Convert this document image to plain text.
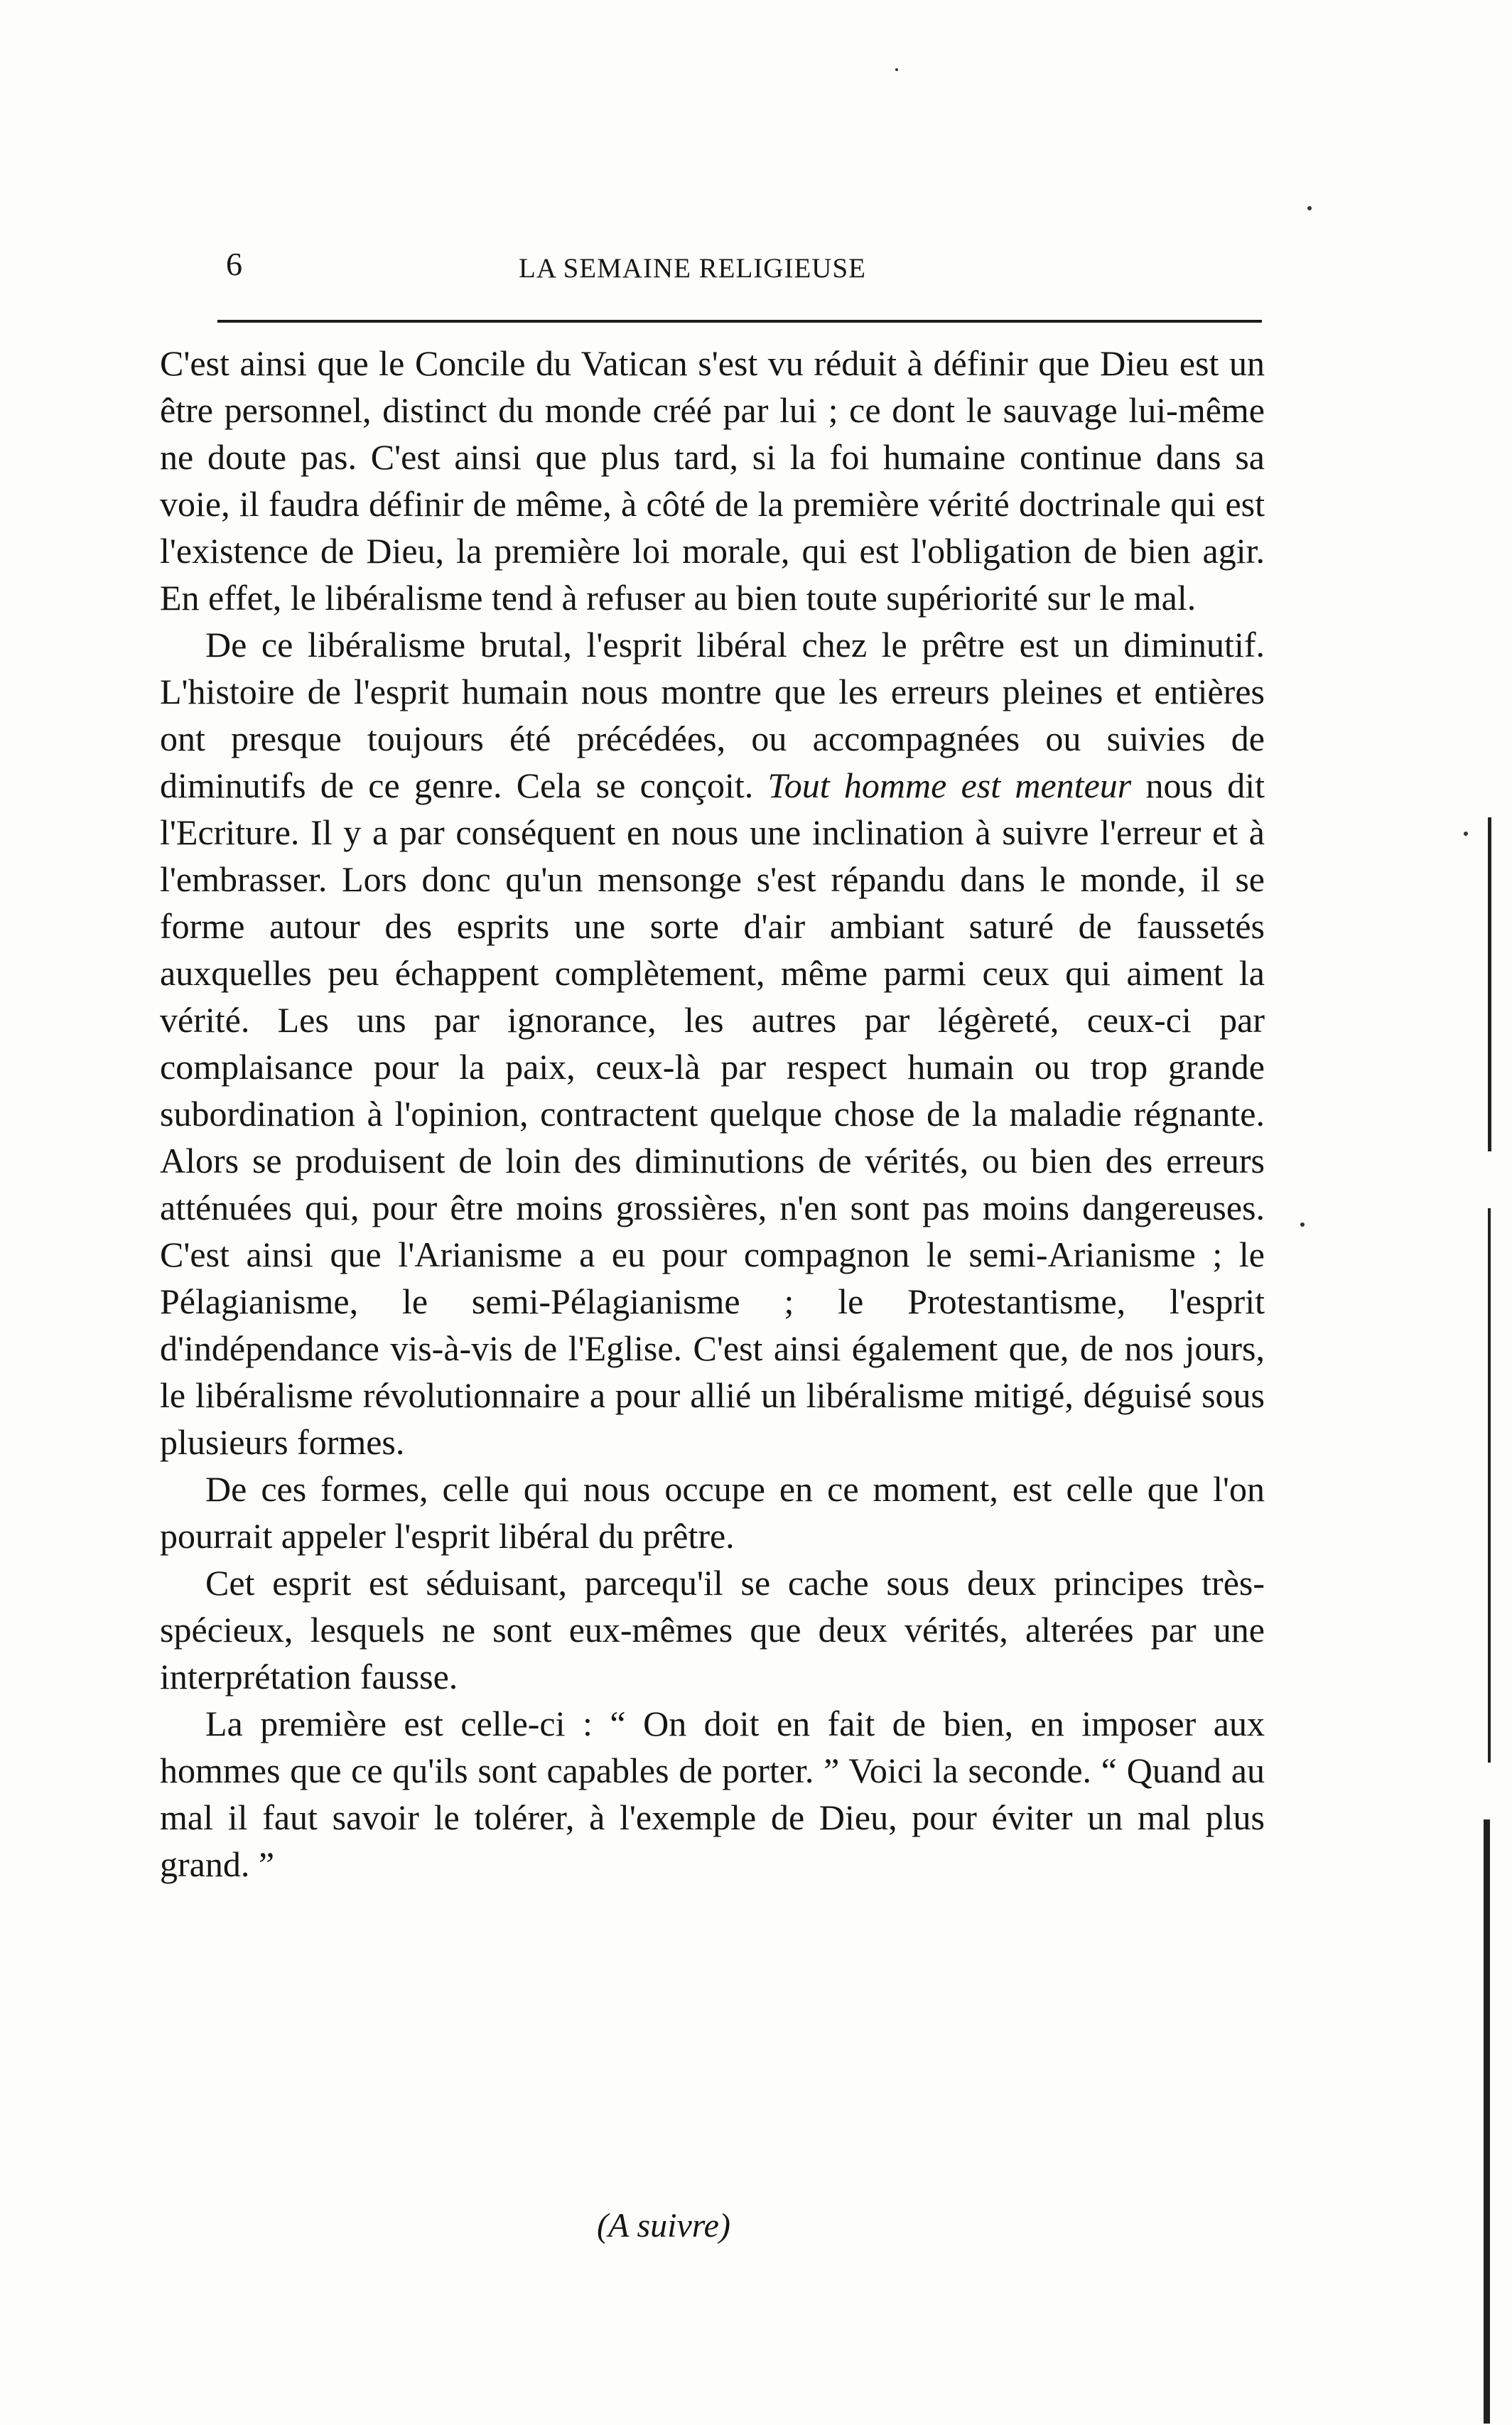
6	LA SEMAINE RELIGIEUSE

C'est ainsi que le Concile du Vatican s'est vu réduit à définir que Dieu est un être personnel, distinct du monde créé par lui ; ce dont le sauvage lui-même ne doute pas. C'est ainsi que plus tard, si la foi humaine continue dans sa voie, il faudra définir de même, à côté de la première vérité doctrinale qui est l'existence de Dieu, la première loi morale, qui est l'obligation de bien agir. En effet, le libéralisme tend à refuser au bien toute supériorité sur le mal.

De ce libéralisme brutal, l'esprit libéral chez le prêtre est un diminutif. L'histoire de l'esprit humain nous montre que les erreurs pleines et entières ont presque toujours été précédées, ou accompagnées ou suivies de diminutifs de ce genre. Cela se conçoit. Tout homme est menteur nous dit l'Ecriture. Il y a par conséquent en nous une inclination à suivre l'erreur et à l'embrasser. Lors donc qu'un mensonge s'est répandu dans le monde, il se forme autour des esprits une sorte d'air ambiant saturé de faussetés auxquelles peu échappent complètement, même parmi ceux qui aiment la vérité. Les uns par ignorance, les autres par légèreté, ceux-ci par complaisance pour la paix, ceux-là par respect humain ou trop grande subordination à l'opinion, contractent quelque chose de la maladie régnante. Alors se produisent de loin des diminutions de vérités, ou bien des erreurs atténuées qui, pour être moins grossières, n'en sont pas moins dangereuses. C'est ainsi que l'Arianisme a eu pour compagnon le semi-Arianisme ; le Pélagianisme, le semi-Pélagianisme ; le Protestantisme, l'esprit d'indépendance vis-à-vis de l'Eglise. C'est ainsi également que, de nos jours, le libéralisme révolutionnaire a pour allié un libéralisme mitigé, déguisé sous plusieurs formes.

De ces formes, celle qui nous occupe en ce moment, est celle que l'on pourrait appeler l'esprit libéral du prêtre.

Cet esprit est séduisant, parcequ'il se cache sous deux principes très-spécieux, lesquels ne sont eux-mêmes que deux vérités, alterées par une interprétation fausse.

La première est celle-ci : “ On doit en fait de bien, en imposer aux hommes que ce qu'ils sont capables de porter. ” Voici la seconde. “ Quand au mal il faut savoir le tolérer, à l'exemple de Dieu, pour éviter un mal plus grand. ”

(A suivre)
